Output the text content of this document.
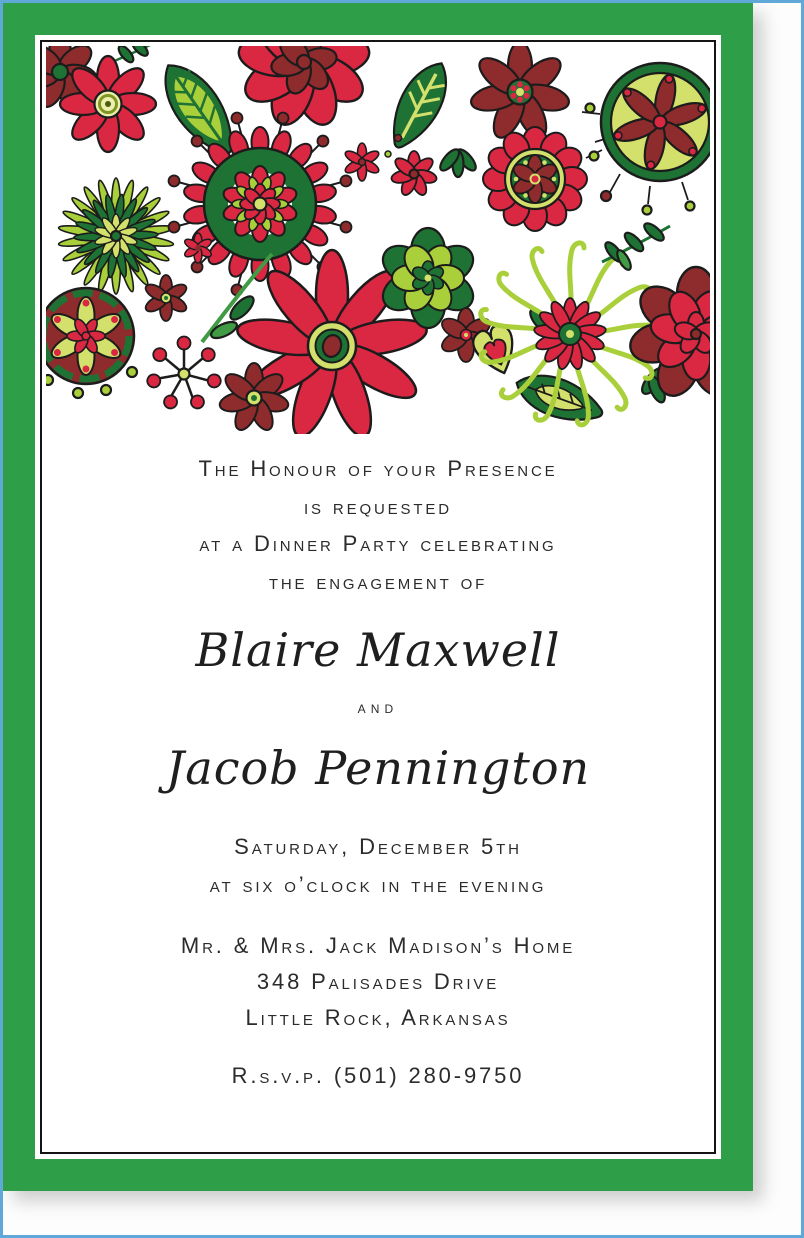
The Honour of your Presence

is requested

at a Dinner Party celebrating

the engagement of

Blaire Maxwell

and

Jacob Pennington

Saturday, December 5th

at six o’clock in the evening

Mr. & Mrs. Jack Madison’s Home

348 Palisades Drive

Little Rock, Arkansas

R.s.v.p. (501) 280-9750
